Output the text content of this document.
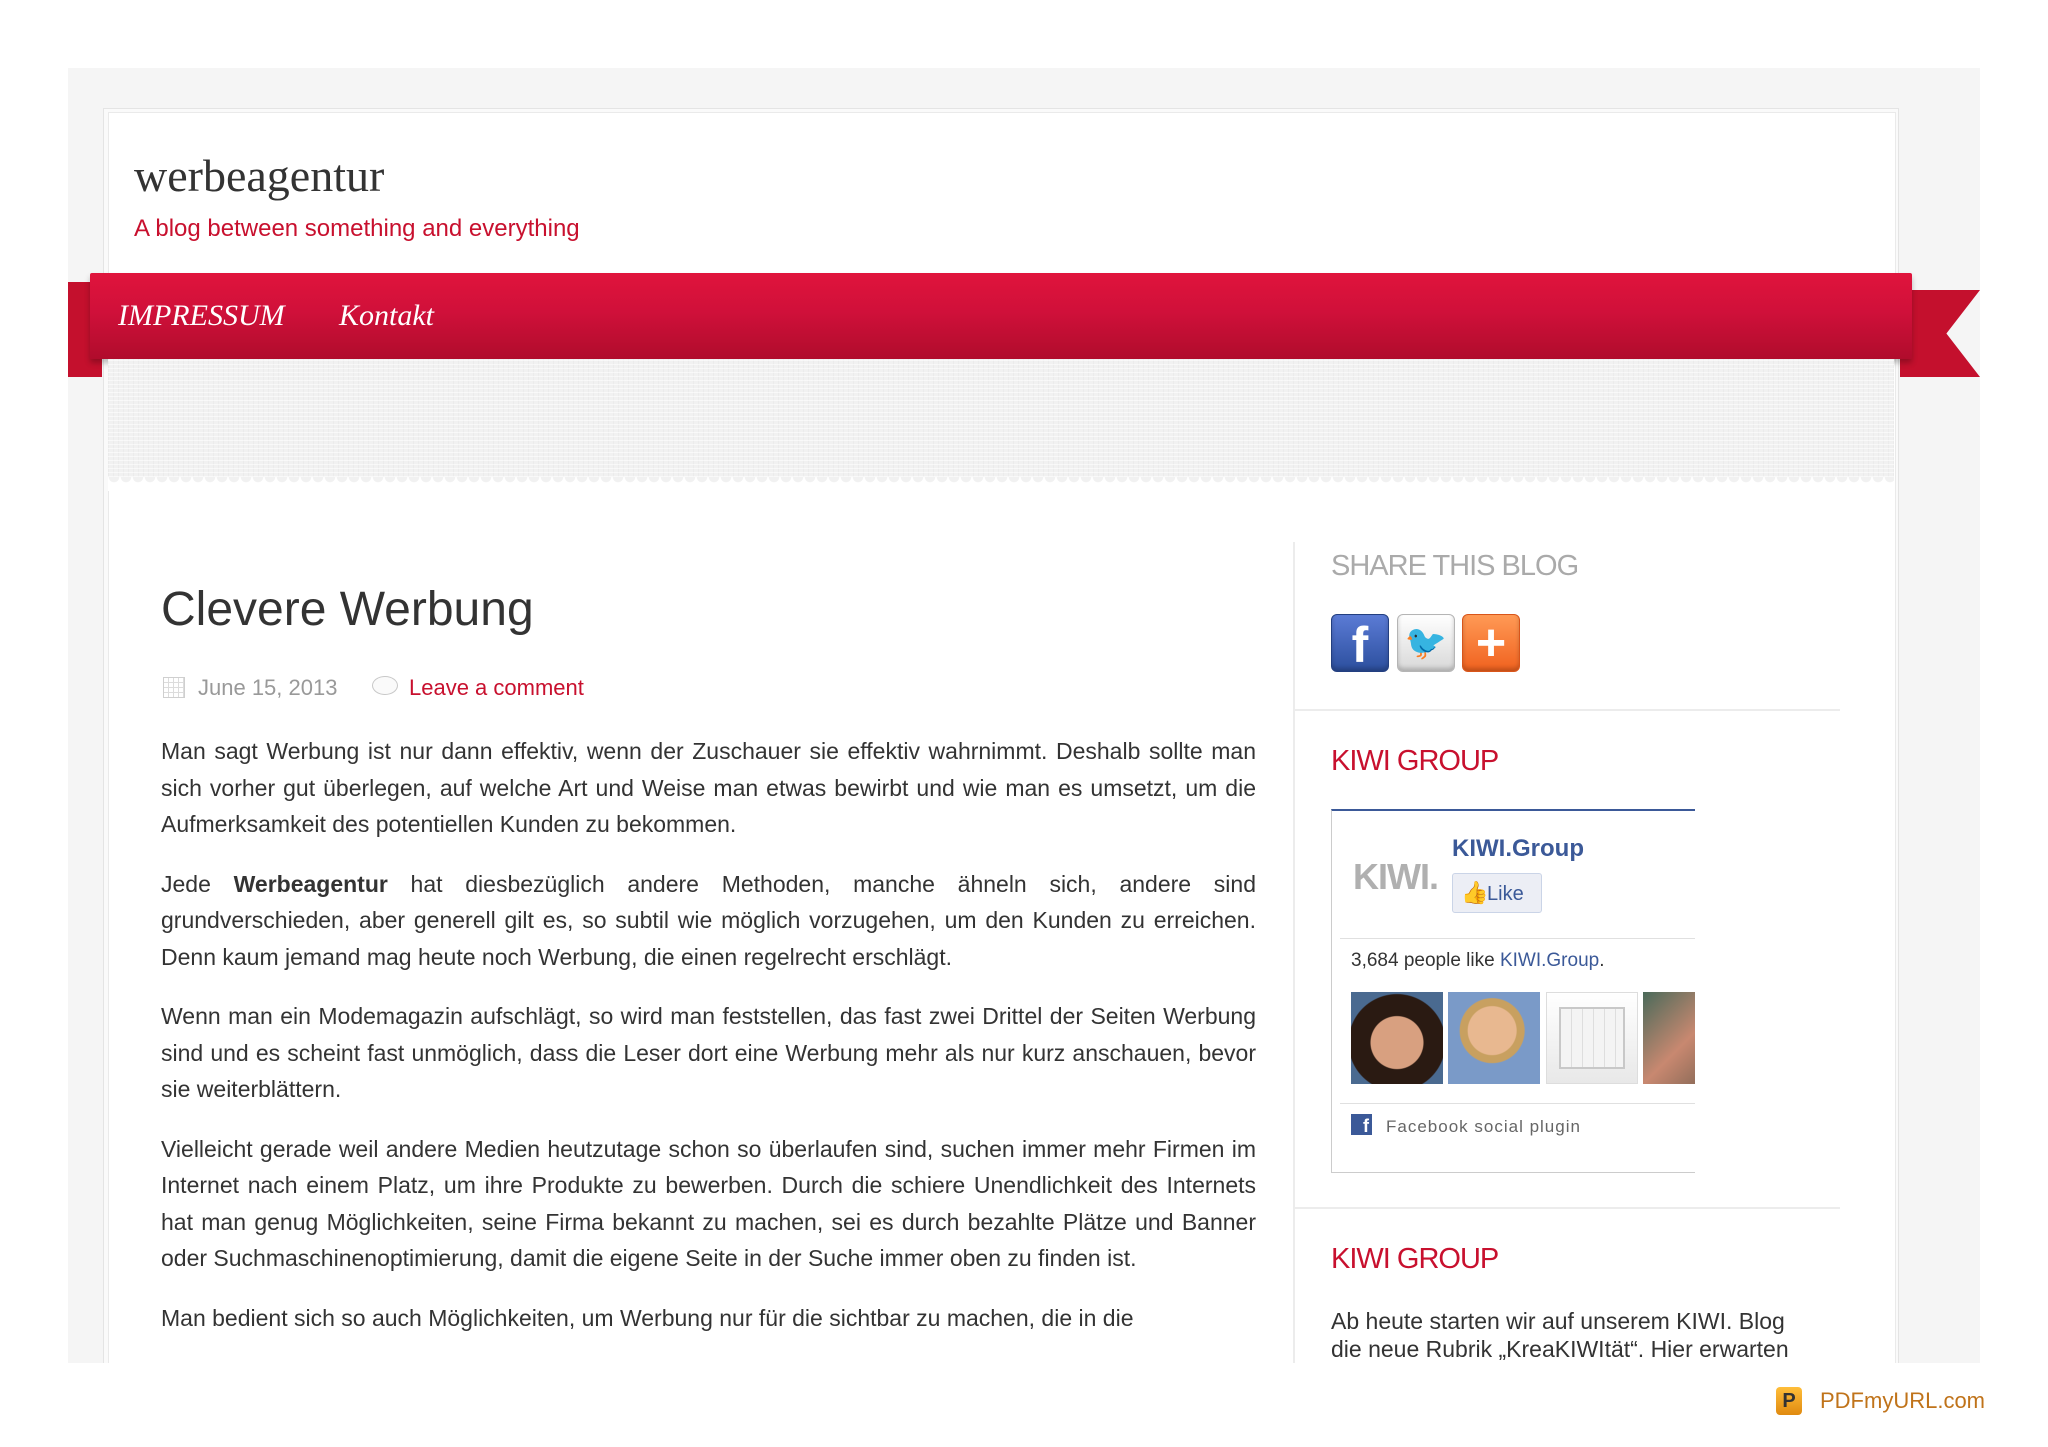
werbeagentur
A blog between something and everything
IMPRESSUM Kontakt
Clevere Werbung
June 15, 2013	Leave a comment

Man sagt Werbung ist nur dann effektiv, wenn der Zuschauer sie effektiv wahrnimmt. Deshalb sollte man sich vorher gut überlegen, auf welche Art und Weise man etwas bewirbt und wie man es umsetzt, um die Aufmerksamkeit des potentiellen Kunden zu bekommen.

Jede Werbeagentur hat diesbezüglich andere Methoden, manche ähneln sich, andere sind grundverschieden, aber generell gilt es, so subtil wie möglich vorzugehen, um den Kunden zu erreichen. Denn kaum jemand mag heute noch Werbung, die einen regelrecht erschlägt.

Wenn man ein Modemagazin aufschlägt, so wird man feststellen, das fast zwei Drittel der Seiten Werbung sind und es scheint fast unmöglich, dass die Leser dort eine Werbung mehr als nur kurz anschauen, bevor sie weiterblättern.

Vielleicht gerade weil andere Medien heutzutage schon so überlaufen sind, suchen immer mehr Firmen im Internet nach einem Platz, um ihre Produkte zu bewerben. Durch die schiere Unendlichkeit des Internets hat man genug Möglichkeiten, seine Firma bekannt zu machen, sei es durch bezahlte Plätze und Banner oder Suchmaschinenoptimierung, damit die eigene Seite in der Suche immer oben zu finden ist.

Man bedient sich so auch Möglichkeiten, um Werbung nur für die sichtbar zu machen, die in die

SHARE THIS BLOG
f	🐦 +
KIWI GROUP
KIWI.
KIWI.Group
👍
Like
3,684 people like KIWI.Group.
f Facebook social plugin
KIWI GROUP

Ab heute starten wir auf unserem KIWI. Blog

die neue Rubrik „KreaKIWItät“. Hier erwarten

P PDFmyURL.com
